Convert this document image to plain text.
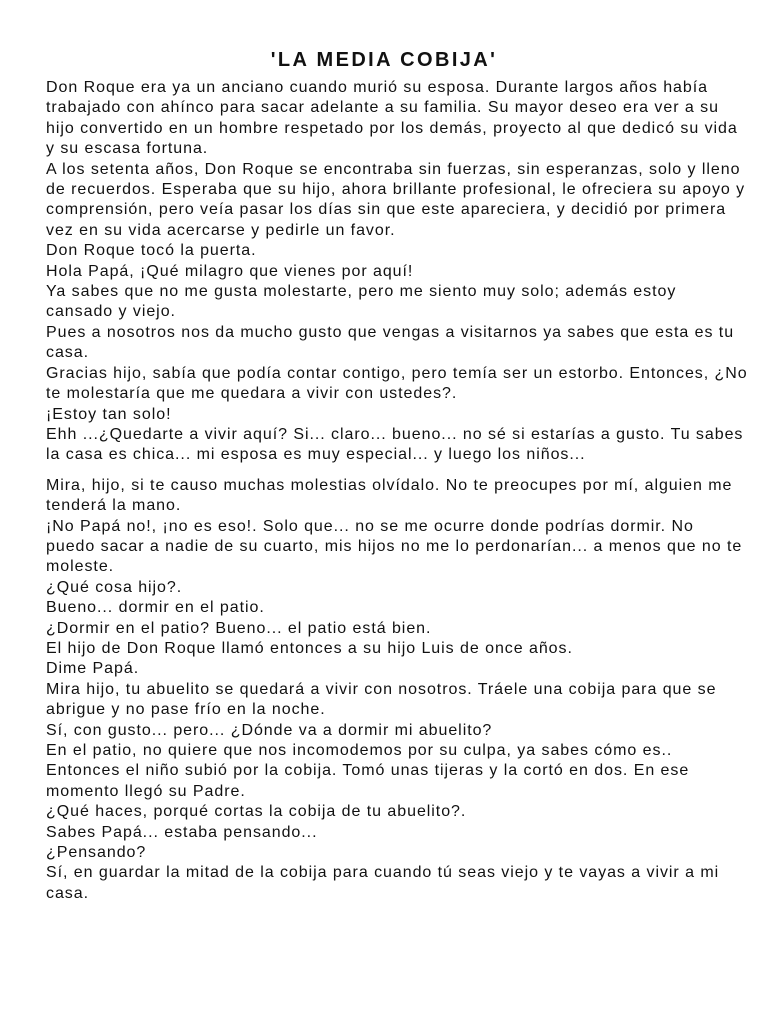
'LA MEDIA COBIJA'

Don Roque era ya un anciano cuando murió su esposa. Durante largos años había
trabajado con ahínco para sacar adelante a su familia. Su mayor deseo era ver a su
hijo convertido en un hombre respetado por los demás, proyecto al que dedicó su vida
y su escasa fortuna.

A los setenta años, Don Roque se encontraba sin fuerzas, sin esperanzas, solo y lleno
de recuerdos. Esperaba que su hijo, ahora brillante profesional, le ofreciera su apoyo y
comprensión, pero veía pasar los días sin que este apareciera, y decidió por primera
vez en su vida acercarse y pedirle un favor.

Don Roque tocó la puerta.

Hola Papá, ¡Qué milagro que vienes por aquí!

Ya sabes que no me gusta molestarte, pero me siento muy solo; además estoy
cansado y viejo.

Pues a nosotros nos da mucho gusto que vengas a visitarnos ya sabes que esta es tu
casa.

Gracias hijo, sabía que podía contar contigo, pero temía ser un estorbo. Entonces, ¿No
te molestaría que me quedara a vivir con ustedes?.

¡Estoy tan solo!

Ehh ...¿Quedarte a vivir aquí? Si... claro... bueno... no sé si estarías a gusto. Tu sabes
la casa es chica... mi esposa es muy especial... y luego los niños...

Mira, hijo, si te causo muchas molestias olvídalo. No te preocupes por mí, alguien me
tenderá la mano.

¡No Papá no!, ¡no es eso!. Solo que... no se me ocurre donde podrías dormir. No
puedo sacar a nadie de su cuarto, mis hijos no me lo perdonarían... a menos que no te
moleste.

¿Qué cosa hijo?.

Bueno... dormir en el patio.

¿Dormir en el patio? Bueno... el patio está bien.

El hijo de Don Roque llamó entonces a su hijo Luis de once años.

Dime Papá.

Mira hijo, tu abuelito se quedará a vivir con nosotros. Tráele una cobija para que se
abrigue y no pase frío en la noche.

Sí, con gusto... pero... ¿Dónde va a dormir mi abuelito?

En el patio, no quiere que nos incomodemos por su culpa, ya sabes cómo es..

Entonces el niño subió por la cobija. Tomó unas tijeras y la cortó en dos. En ese
momento llegó su Padre.

¿Qué haces, porqué cortas la cobija de tu abuelito?.

Sabes Papá... estaba pensando...

¿Pensando?

Sí, en guardar la mitad de la cobija para cuando tú seas viejo y te vayas a vivir a mi
casa.
